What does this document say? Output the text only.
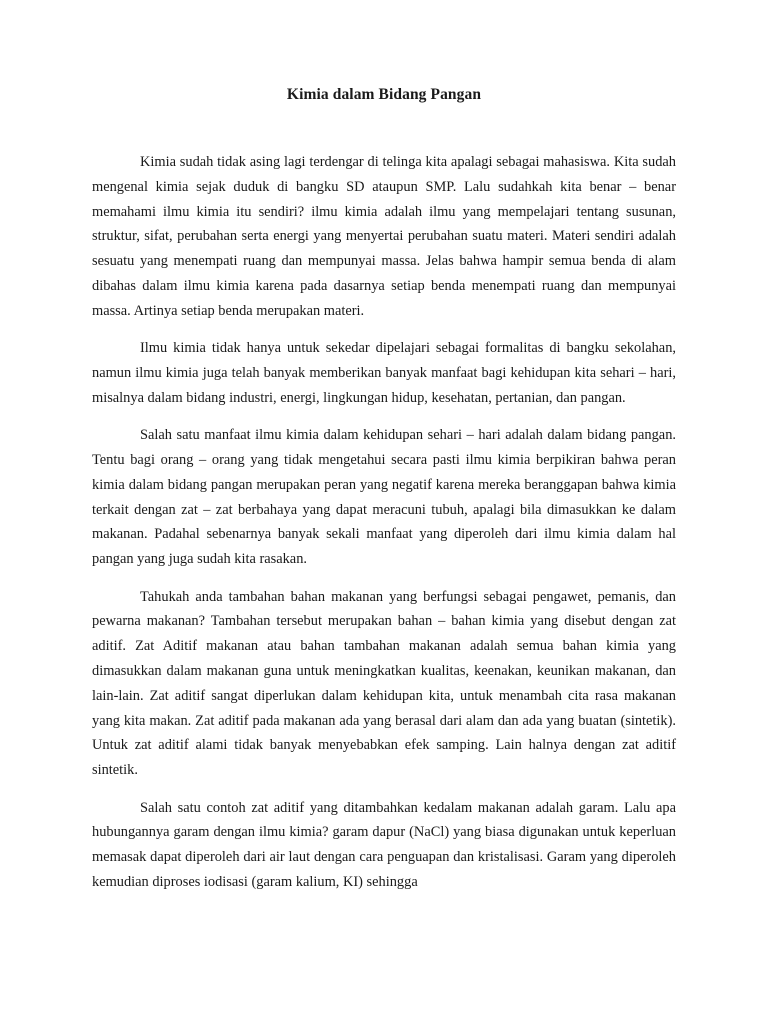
Kimia dalam Bidang Pangan

Kimia sudah tidak asing lagi terdengar di telinga kita apalagi sebagai mahasiswa. Kita sudah mengenal kimia sejak duduk di bangku SD ataupun SMP. Lalu sudahkah kita benar – benar memahami ilmu kimia itu sendiri? ilmu kimia adalah ilmu yang mempelajari tentang susunan, struktur, sifat, perubahan serta energi yang menyertai perubahan suatu materi. Materi sendiri adalah sesuatu yang menempati ruang dan mempunyai massa. Jelas bahwa hampir semua benda di alam dibahas dalam ilmu kimia karena pada dasarnya setiap benda menempati ruang dan mempunyai massa. Artinya setiap benda merupakan materi.

Ilmu kimia tidak hanya untuk sekedar dipelajari sebagai formalitas di bangku sekolahan, namun ilmu kimia juga telah banyak memberikan banyak manfaat bagi kehidupan kita sehari – hari, misalnya dalam bidang industri, energi, lingkungan hidup, kesehatan, pertanian, dan pangan.

Salah satu manfaat ilmu kimia dalam kehidupan sehari – hari adalah dalam bidang pangan. Tentu bagi orang – orang yang tidak mengetahui secara pasti ilmu kimia berpikiran bahwa peran kimia dalam bidang pangan merupakan peran yang negatif karena mereka beranggapan bahwa kimia terkait dengan zat – zat berbahaya yang dapat meracuni tubuh, apalagi bila dimasukkan ke dalam makanan. Padahal sebenarnya banyak sekali manfaat yang diperoleh dari ilmu kimia dalam hal pangan yang juga sudah kita rasakan.

Tahukah anda tambahan bahan makanan yang berfungsi sebagai pengawet, pemanis, dan pewarna makanan? Tambahan tersebut merupakan bahan – bahan kimia yang disebut dengan zat aditif. Zat Aditif makanan atau bahan tambahan makanan adalah semua bahan kimia yang dimasukkan dalam makanan guna untuk meningkatkan kualitas, keenakan, keunikan makanan, dan lain-lain. Zat aditif sangat diperlukan dalam kehidupan kita, untuk menambah cita rasa makanan yang kita makan. Zat aditif pada makanan ada yang berasal dari alam dan ada yang buatan (sintetik). Untuk zat aditif alami tidak banyak menyebabkan efek samping. Lain halnya dengan zat aditif sintetik.

Salah satu contoh zat aditif yang ditambahkan kedalam makanan adalah garam. Lalu apa hubungannya garam dengan ilmu kimia? garam dapur (NaCl) yang biasa digunakan untuk keperluan memasak dapat diperoleh dari air laut dengan cara penguapan dan kristalisasi. Garam yang diperoleh kemudian diproses iodisasi (garam kalium, KI) sehingga
